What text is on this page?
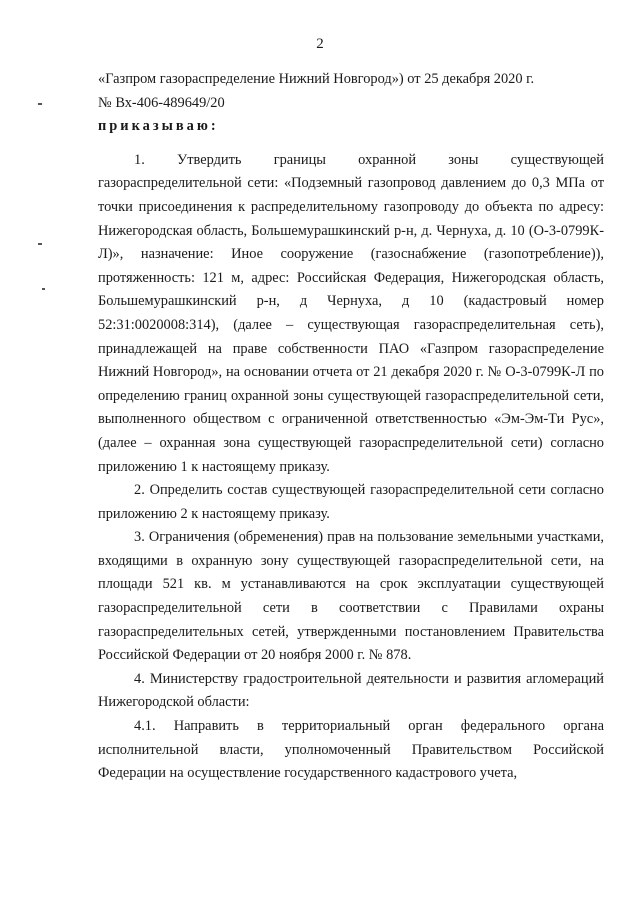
2

«Газпром газораспределение Нижний Новгород») от 25 декабря 2020 г.

№ Вх-406-489649/20

приказываю:

1. Утвердить границы охранной зоны существующей газораспределительной сети: «Подземный газопровод давлением до 0,3 МПа от точки присоединения к распределительному газопроводу до объекта по адресу: Нижегородская область, Большемурашкинский р-н, д. Чернуха, д. 10 (О-3-0799К-Л)», назначение: Иное сооружение (газоснабжение (газопотребление)), протяженность: 121 м, адрес: Российская Федерация, Нижегородская область, Большемурашкинский р-н, д Чернуха, д 10 (кадастровый номер 52:31:0020008:314), (далее – существующая газораспределительная сеть), принадлежащей на праве собственности ПАО «Газпром газораспределение Нижний Новгород», на основании отчета от 21 декабря 2020 г. № О-3-0799К-Л по определению границ охранной зоны существующей газораспределительной сети, выполненного обществом с ограниченной ответственностью «Эм-Эм-Ти Рус», (далее – охранная зона существующей газораспределительной сети) согласно приложению 1 к настоящему приказу.

2. Определить состав существующей газораспределительной сети согласно приложению 2 к настоящему приказу.

3. Ограничения (обременения) прав на пользование земельными участками, входящими в охранную зону существующей газораспределительной сети, на площади 521 кв. м устанавливаются на срок эксплуатации существующей газораспределительной сети в соответствии с Правилами охраны газораспределительных сетей, утвержденными постановлением Правительства Российской Федерации от 20 ноября 2000 г. № 878.

4. Министерству градостроительной деятельности и развития агломераций Нижегородской области:

4.1. Направить в территориальный орган федерального органа исполнительной власти, уполномоченный Правительством Российской Федерации на осуществление государственного кадастрового учета,
